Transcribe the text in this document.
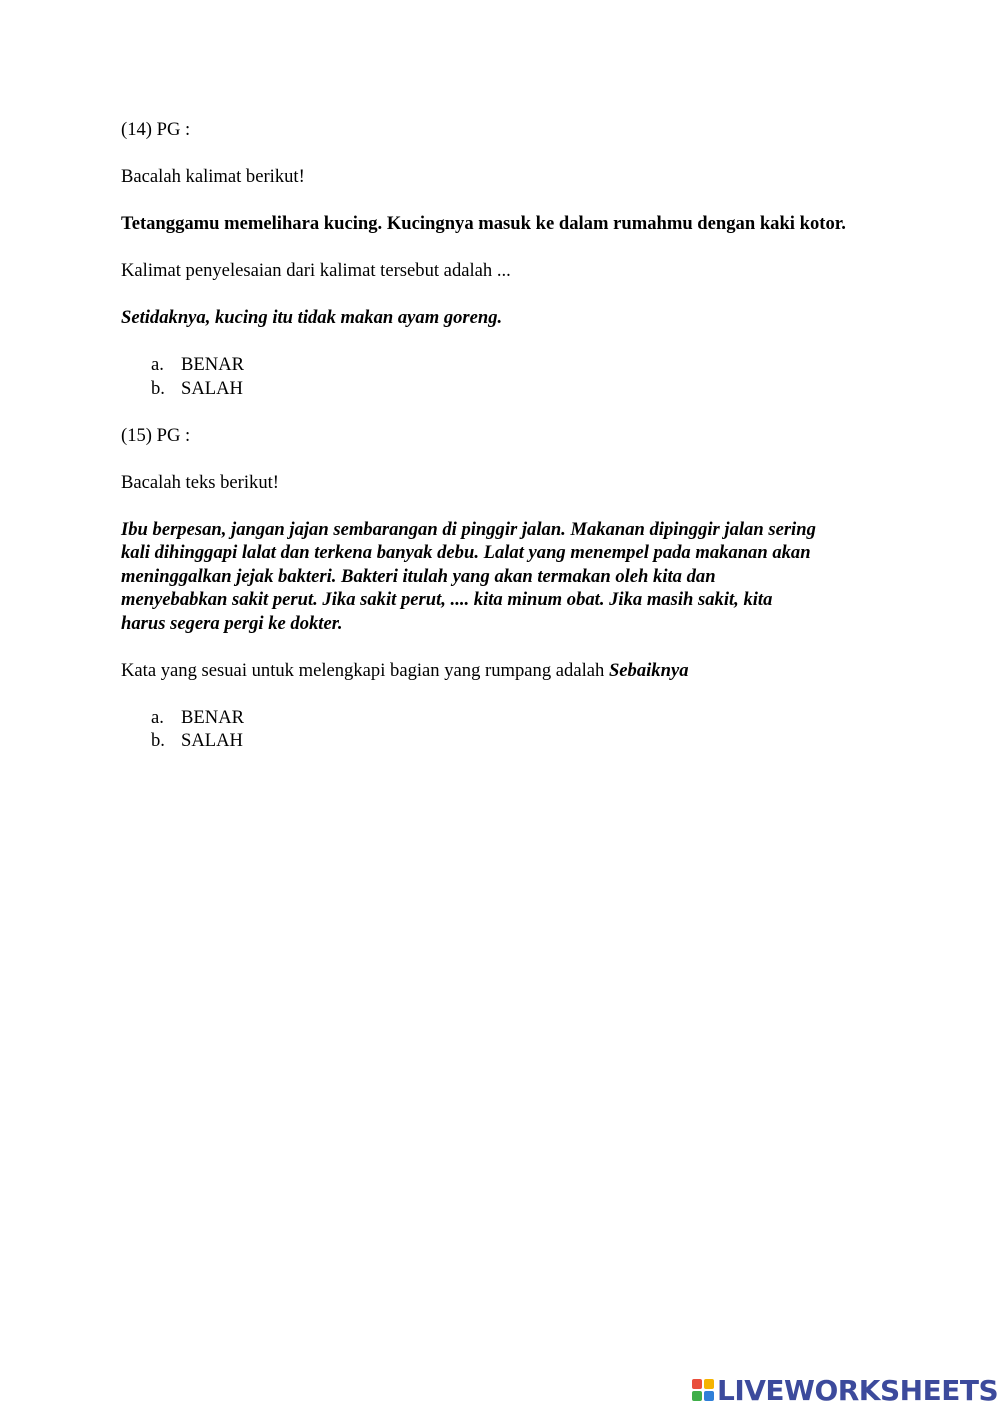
(14) PG :

Bacalah kalimat berikut!

Tetanggamu memelihara kucing. Kucingnya masuk ke dalam rumahmu dengan kaki kotor.

Kalimat penyelesaian dari kalimat tersebut adalah ...

Setidaknya, kucing itu tidak makan ayam goreng.

a. BENAR
b. SALAH

(15) PG :

Bacalah teks berikut!

Ibu berpesan, jangan jajan sembarangan di pinggir jalan. Makanan dipinggir jalan sering
kali dihinggapi lalat dan terkena banyak debu. Lalat yang menempel pada makanan akan
meninggalkan jejak bakteri. Bakteri itulah yang akan termakan oleh kita dan
menyebabkan sakit perut. Jika sakit perut, .... kita minum obat. Jika masih sakit, kita
harus segera pergi ke dokter.

Kata yang sesuai untuk melengkapi bagian yang rumpang adalah Sebaiknya

a. BENAR
b. SALAH
LIVEWORKSHEETS
